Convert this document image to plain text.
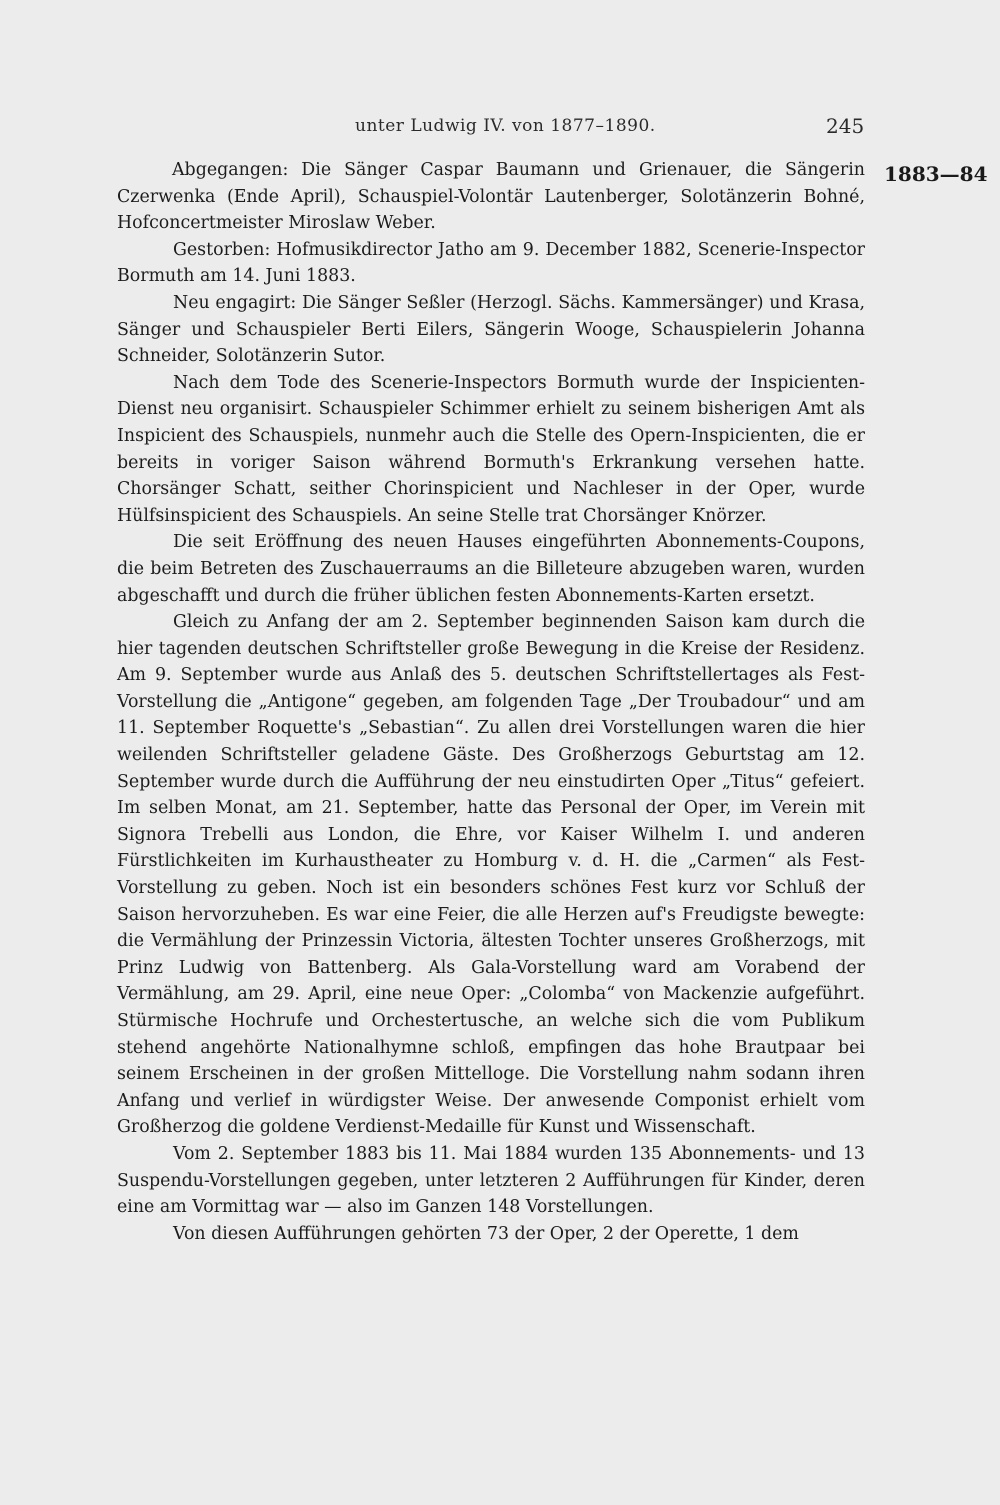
unter Ludwig IV. von 1877–1890.	245
1883—84

Abgegangen: Die Sänger Caspar Baumann und Grienauer, die Sängerin Czerwenka (Ende April), Schauspiel-Volontär Lautenberger, Solotänzerin Bohné, Hofconcertmeister Miroslaw Weber.

Gestorben: Hofmusikdirector Jatho am 9. December 1882, Scenerie-Inspector Bormuth am 14. Juni 1883.

Neu engagirt: Die Sänger Seßler (Herzogl. Sächs. Kammersänger) und Krasa, Sänger und Schauspieler Berti Eilers, Sängerin Wooge, Schauspielerin Johanna Schneider, Solotänzerin Sutor.

Nach dem Tode des Scenerie-Inspectors Bormuth wurde der Inspicienten-Dienst neu organisirt. Schauspieler Schimmer erhielt zu seinem bisherigen Amt als Inspicient des Schauspiels, nunmehr auch die Stelle des Opern-Inspicienten, die er bereits in voriger Saison während Bormuth's Erkrankung versehen hatte. Chorsänger Schatt, seither Chorinspicient und Nachleser in der Oper, wurde Hülfsinspicient des Schauspiels. An seine Stelle trat Chorsänger Knörzer.

Die seit Eröffnung des neuen Hauses eingeführten Abonnements-Coupons, die beim Betreten des Zuschauerraums an die Billeteure abzugeben waren, wurden abgeschafft und durch die früher üblichen festen Abonnements-Karten ersetzt.

Gleich zu Anfang der am 2. September beginnenden Saison kam durch die hier tagenden deutschen Schriftsteller große Bewegung in die Kreise der Residenz. Am 9. September wurde aus Anlaß des 5. deutschen Schriftstellertages als Fest-Vorstellung die „Antigone“ gegeben, am folgenden Tage „Der Troubadour“ und am 11. September Roquette's „Sebastian“. Zu allen drei Vorstellungen waren die hier weilenden Schriftsteller geladene Gäste. Des Großherzogs Geburtstag am 12. September wurde durch die Aufführung der neu einstudirten Oper „Titus“ gefeiert. Im selben Monat, am 21. September, hatte das Personal der Oper, im Verein mit Signora Trebelli aus London, die Ehre, vor Kaiser Wilhelm I. und anderen Fürstlichkeiten im Kurhaustheater zu Homburg v. d. H. die „Carmen“ als Fest-Vorstellung zu geben. Noch ist ein besonders schönes Fest kurz vor Schluß der Saison hervorzuheben. Es war eine Feier, die alle Herzen auf's Freudigste bewegte: die Vermählung der Prinzessin Victoria, ältesten Tochter unseres Großherzogs, mit Prinz Ludwig von Battenberg. Als Gala-Vorstellung ward am Vorabend der Vermählung, am 29. April, eine neue Oper: „Colomba“ von Mackenzie aufgeführt. Stürmische Hochrufe und Orchestertusche, an welche sich die vom Publikum stehend angehörte Nationalhymne schloß, empfingen das hohe Brautpaar bei seinem Erscheinen in der großen Mittelloge. Die Vorstellung nahm sodann ihren Anfang und verlief in würdigster Weise. Der anwesende Componist erhielt vom Großherzog die goldene Verdienst-Medaille für Kunst und Wissenschaft.

Vom 2. September 1883 bis 11. Mai 1884 wurden 135 Abonnements- und 13 Suspendu-Vorstellungen gegeben, unter letzteren 2 Aufführungen für Kinder, deren eine am Vormittag war — also im Ganzen 148 Vorstellungen.

Von diesen Aufführungen gehörten 73 der Oper, 2 der Operette, 1 dem
